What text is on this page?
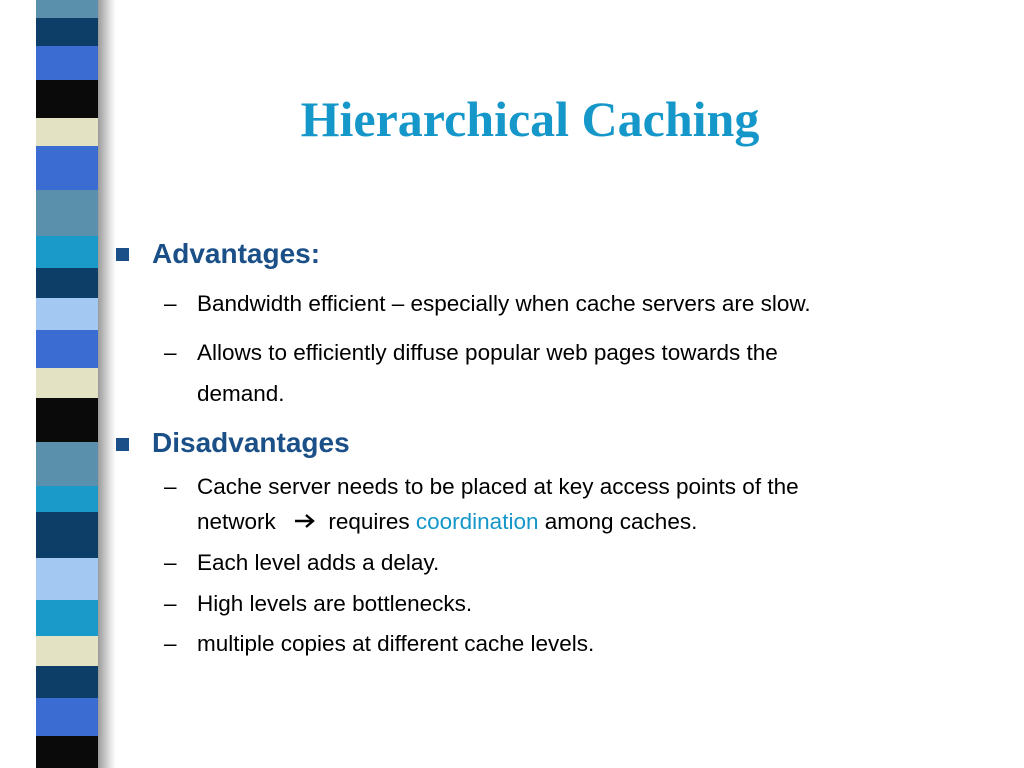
Hierarchical Caching
Advantages:
– Bandwidth efficient – especially when cache servers are slow.
– Allows to efficiently diffuse popular web pages towards the
demand.
Disadvantages
– Cache server needs to be placed at key access points of the
network requires coordination among caches.
– Each level adds a delay.
– High levels are bottlenecks.
– multiple copies at different cache levels.
